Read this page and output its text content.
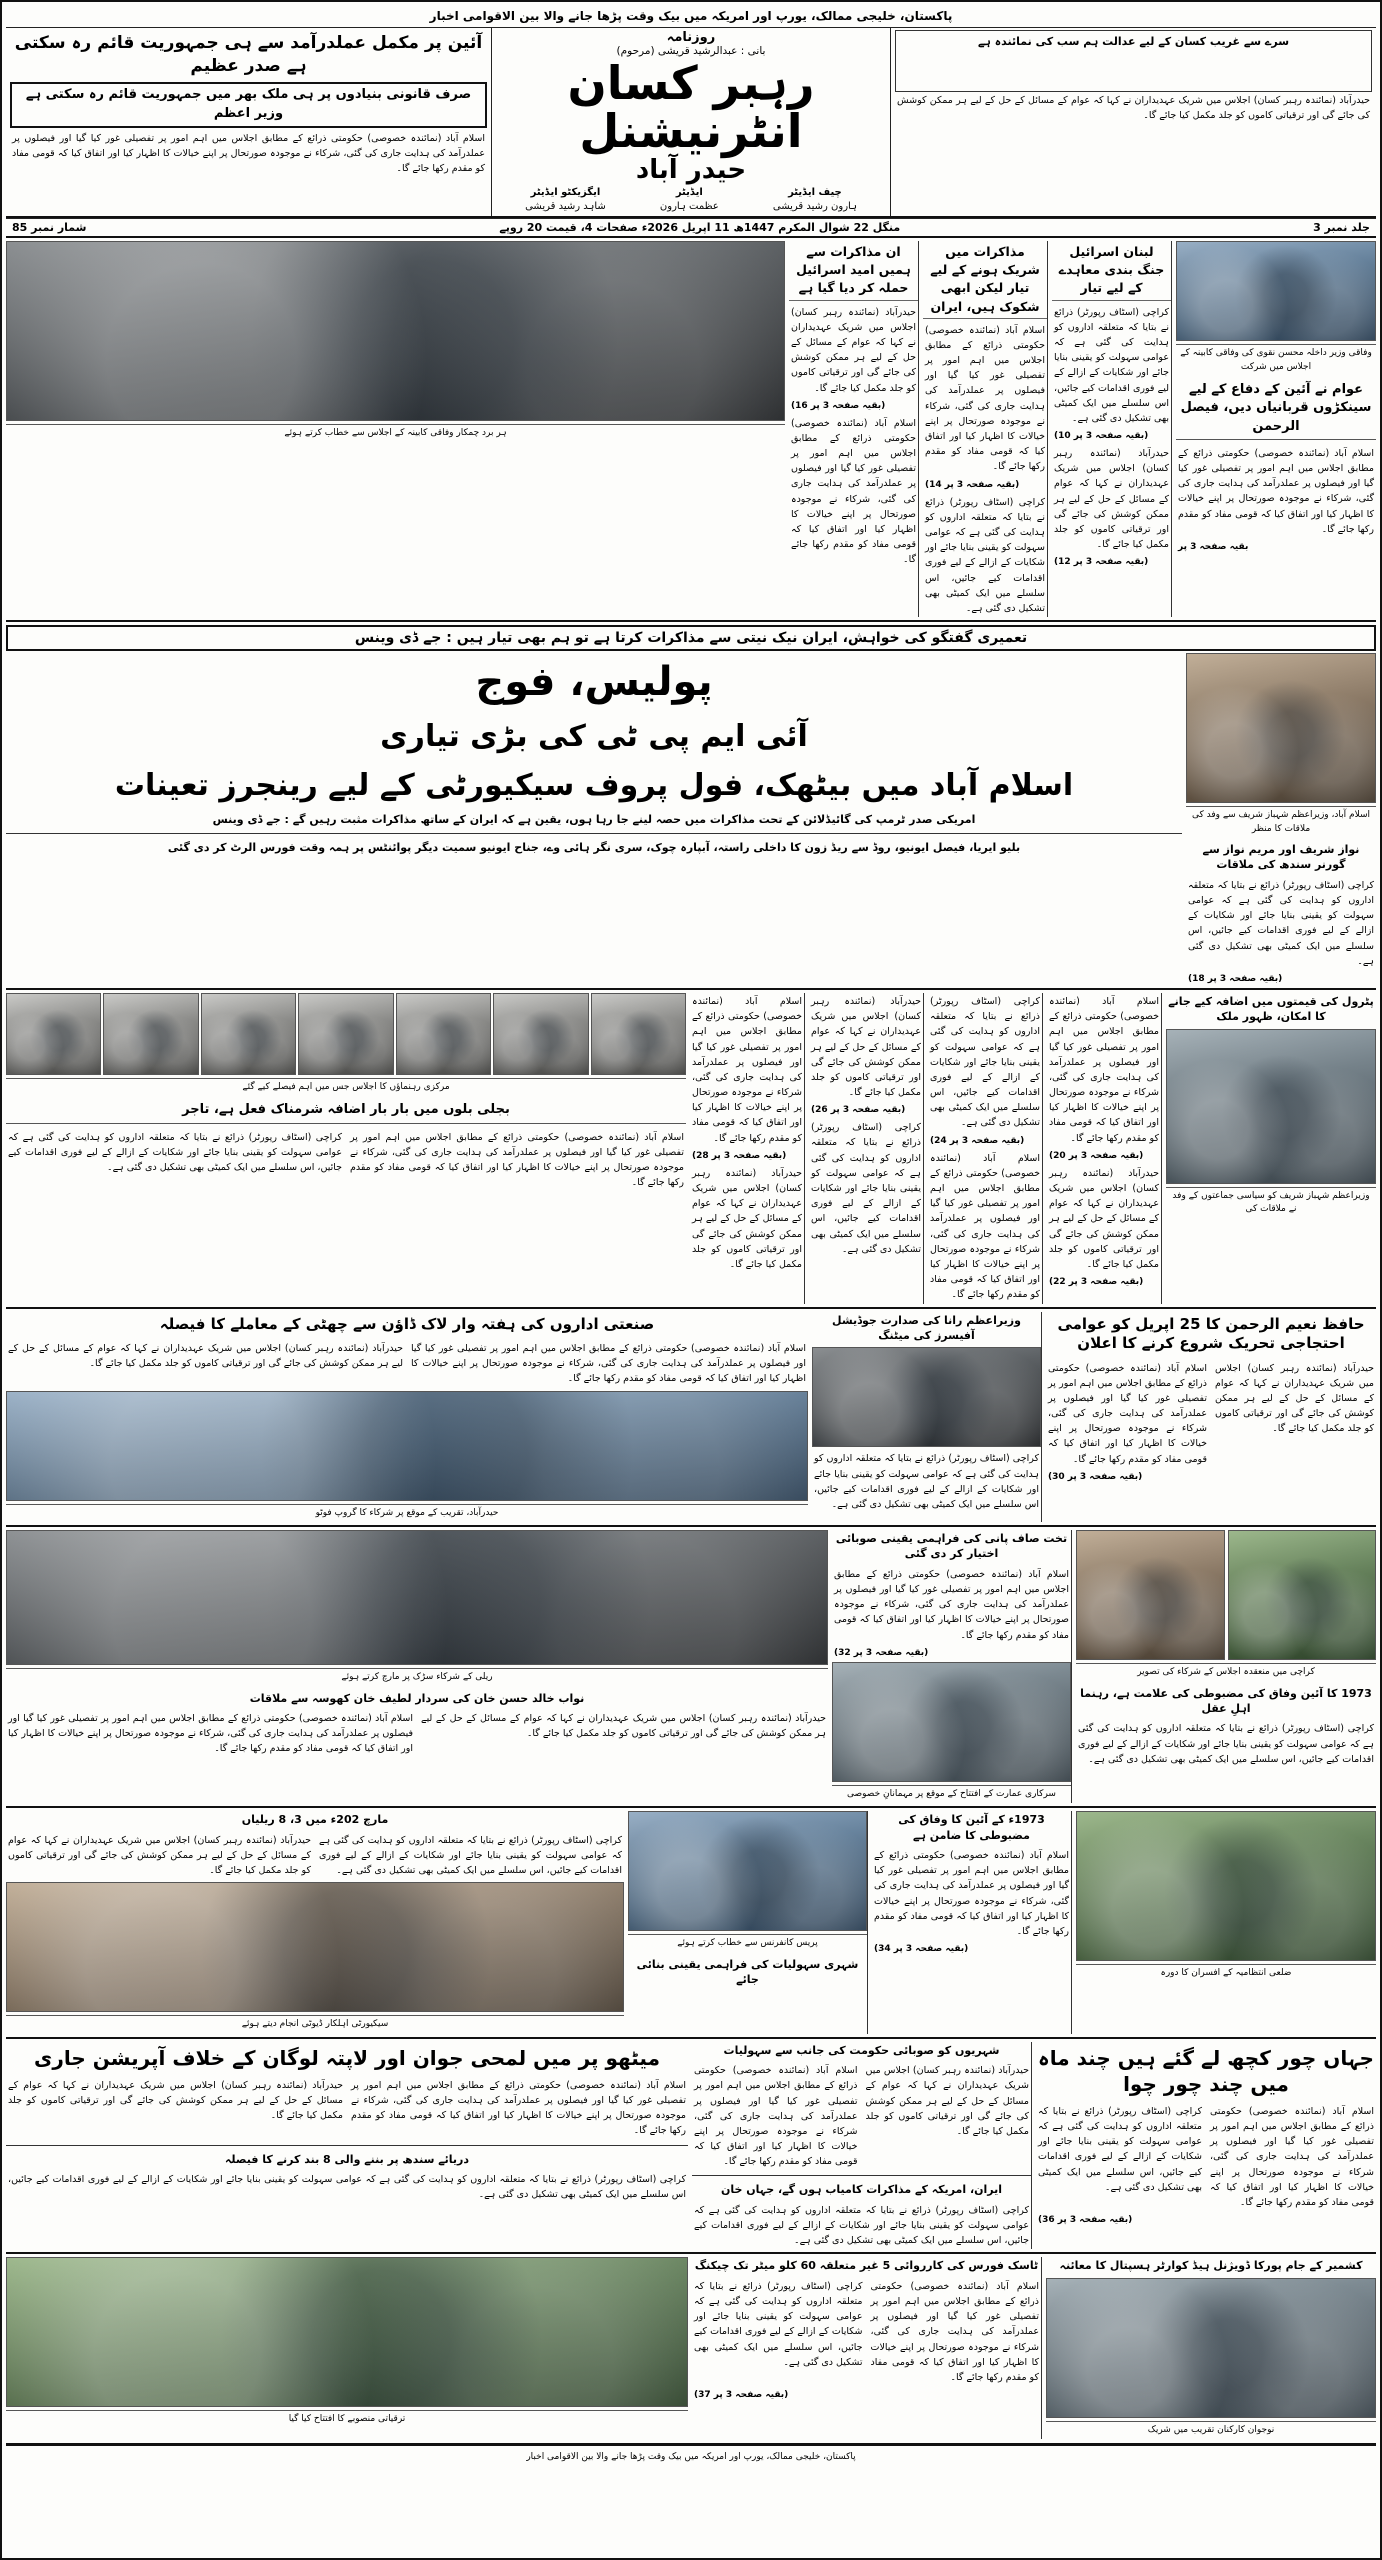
پاکستان، خلیجی ممالک، یورپ اور امریکہ میں بیک وقت پڑھا جانے والا بین الاقوامی اخبار
سرے سے غریب کسان کے لیے عدالت ہم سب کی نمائندہ ہے
حیدرآباد (نمائندہ رہبر کسان) اجلاس میں شریک عہدیداران نے کہا کہ عوام کے مسائل کے حل کے لیے ہر ممکن کوشش کی جائے گی اور ترقیاتی کاموں کو جلد مکمل کیا جائے گا۔
روزنامہ
بانی : عبدالرشید قریشی (مرحوم)
رہبر کسان انٹرنیشنل
حیدر آباد
چیف ایڈیٹر
ہارون رشید قریشی
ایڈیٹر
عظمت ہارون
ایگزیکٹو ایڈیٹر
شاہد رشید قریشی
آئین پر مکمل عملدرآمد سے ہی جمہوریت قائم رہ سکتی ہے صدر عظیم
صرف قانونی بنیادوں پر ہی ملک بھر میں جمہوریت قائم رہ سکتی ہے وزیر اعظم
اسلام آباد (نمائندہ خصوصی) حکومتی ذرائع کے مطابق اجلاس میں اہم امور پر تفصیلی غور کیا گیا اور فیصلوں پر عملدرآمد کی ہدایت جاری کی گئی، شرکاء نے موجودہ صورتحال پر اپنے خیالات کا اظہار کیا اور اتفاق کیا کہ قومی مفاد کو مقدم رکھا جائے گا۔
جلد نمبر 3
منگل 22 شوال المکرم 1447ھ 11 اپریل 2026ء صفحات 4، قیمت 20 روپے
شمار نمبر 85
وفاقی وزیر داخلہ محسن نقوی کی وفاقی کابینہ کے اجلاس میں شرکت
عوام نے آئین کے دفاع کے لیے سینکڑوں قربانیاں دیں، فیصل الرحمن
اسلام آباد (نمائندہ خصوصی) حکومتی ذرائع کے مطابق اجلاس میں اہم امور پر تفصیلی غور کیا گیا اور فیصلوں پر عملدرآمد کی ہدایت جاری کی گئی، شرکاء نے موجودہ صورتحال پر اپنے خیالات کا اظہار کیا اور اتفاق کیا کہ قومی مفاد کو مقدم رکھا جائے گا۔
بقیہ صفحہ 3 پر
لبنان اسرائیل جنگ بندی معاہدے کے لیے تیار
کراچی (اسٹاف رپورٹر) ذرائع نے بتایا کہ متعلقہ اداروں کو ہدایت کی گئی ہے کہ عوامی سہولت کو یقینی بنایا جائے اور شکایات کے ازالے کے لیے فوری اقدامات کیے جائیں، اس سلسلے میں ایک کمیٹی بھی تشکیل دی گئی ہے۔
(بقیہ صفحہ 3 پر 10)
حیدرآباد (نمائندہ رہبر کسان) اجلاس میں شریک عہدیداران نے کہا کہ عوام کے مسائل کے حل کے لیے ہر ممکن کوشش کی جائے گی اور ترقیاتی کاموں کو جلد مکمل کیا جائے گا۔
(بقیہ صفحہ 3 پر 12)
مذاکرات میں شریک ہونے کے لیے تیار لیکن ابھی شکوک ہیں، ایران
اسلام آباد (نمائندہ خصوصی) حکومتی ذرائع کے مطابق اجلاس میں اہم امور پر تفصیلی غور کیا گیا اور فیصلوں پر عملدرآمد کی ہدایت جاری کی گئی، شرکاء نے موجودہ صورتحال پر اپنے خیالات کا اظہار کیا اور اتفاق کیا کہ قومی مفاد کو مقدم رکھا جائے گا۔
(بقیہ صفحہ 3 پر 14)
کراچی (اسٹاف رپورٹر) ذرائع نے بتایا کہ متعلقہ اداروں کو ہدایت کی گئی ہے کہ عوامی سہولت کو یقینی بنایا جائے اور شکایات کے ازالے کے لیے فوری اقدامات کیے جائیں، اس سلسلے میں ایک کمیٹی بھی تشکیل دی گئی ہے۔
ان مذاکرات سے ہمیں امید اسرائیل حملہ کر دیا گیا ہے
حیدرآباد (نمائندہ رہبر کسان) اجلاس میں شریک عہدیداران نے کہا کہ عوام کے مسائل کے حل کے لیے ہر ممکن کوشش کی جائے گی اور ترقیاتی کاموں کو جلد مکمل کیا جائے گا۔
(بقیہ صفحہ 3 پر 16)
اسلام آباد (نمائندہ خصوصی) حکومتی ذرائع کے مطابق اجلاس میں اہم امور پر تفصیلی غور کیا گیا اور فیصلوں پر عملدرآمد کی ہدایت جاری کی گئی، شرکاء نے موجودہ صورتحال پر اپنے خیالات کا اظہار کیا اور اتفاق کیا کہ قومی مفاد کو مقدم رکھا جائے گا۔
ہر برد چمکار وفاقی کابینہ کے اجلاس سے خطاب کرتے ہوئے
تعمیری گفتگو کی خواہش، ایران نیک نیتی سے مذاکرات کرتا ہے تو ہم بھی تیار ہیں : جے ڈی وینس
اسلام آباد، وزیراعظم شہباز شریف سے وفد کی ملاقات کا منظر
نواز شریف اور مریم نواز سے گورنر سندھ کی ملاقات
کراچی (اسٹاف رپورٹر) ذرائع نے بتایا کہ متعلقہ اداروں کو ہدایت کی گئی ہے کہ عوامی سہولت کو یقینی بنایا جائے اور شکایات کے ازالے کے لیے فوری اقدامات کیے جائیں، اس سلسلے میں ایک کمیٹی بھی تشکیل دی گئی ہے۔
(بقیہ صفحہ 3 پر 18)
پولیس، فوج
آئی ایم پی ٹی کی بڑی تیاری
اسلام آباد میں بیٹھک، فول پروف سیکیورٹی کے لیے رینجرز تعینات
امریکی صدر ٹرمپ کی گائیڈلائن کے تحت مذاکرات میں حصہ لینے جا رہا ہوں، یقین ہے کہ ایران کے ساتھ مذاکرات مثبت رہیں گے : جے ڈی وینس
بلیو ایریا، فیصل ایونیو، روڈ سے ریڈ زون کا داخلی راستہ، آبپارہ چوک، سری نگر ہائی وے، جناح ایونیو سمیت دیگر پوائنٹس پر ہمہ وقت فورس الرٹ کر دی گئی
پٹرول کی قیمتوں میں اضافہ کیے جانے کا امکان، ظہور ملک
وزیراعظم شہباز شریف کو سیاسی جماعتوں کے وفد نے ملاقات کی
اسلام آباد (نمائندہ خصوصی) حکومتی ذرائع کے مطابق اجلاس میں اہم امور پر تفصیلی غور کیا گیا اور فیصلوں پر عملدرآمد کی ہدایت جاری کی گئی، شرکاء نے موجودہ صورتحال پر اپنے خیالات کا اظہار کیا اور اتفاق کیا کہ قومی مفاد کو مقدم رکھا جائے گا۔
(بقیہ صفحہ 3 پر 20)
حیدرآباد (نمائندہ رہبر کسان) اجلاس میں شریک عہدیداران نے کہا کہ عوام کے مسائل کے حل کے لیے ہر ممکن کوشش کی جائے گی اور ترقیاتی کاموں کو جلد مکمل کیا جائے گا۔
(بقیہ صفحہ 3 پر 22)
کراچی (اسٹاف رپورٹر) ذرائع نے بتایا کہ متعلقہ اداروں کو ہدایت کی گئی ہے کہ عوامی سہولت کو یقینی بنایا جائے اور شکایات کے ازالے کے لیے فوری اقدامات کیے جائیں، اس سلسلے میں ایک کمیٹی بھی تشکیل دی گئی ہے۔
(بقیہ صفحہ 3 پر 24)
اسلام آباد (نمائندہ خصوصی) حکومتی ذرائع کے مطابق اجلاس میں اہم امور پر تفصیلی غور کیا گیا اور فیصلوں پر عملدرآمد کی ہدایت جاری کی گئی، شرکاء نے موجودہ صورتحال پر اپنے خیالات کا اظہار کیا اور اتفاق کیا کہ قومی مفاد کو مقدم رکھا جائے گا۔
حیدرآباد (نمائندہ رہبر کسان) اجلاس میں شریک عہدیداران نے کہا کہ عوام کے مسائل کے حل کے لیے ہر ممکن کوشش کی جائے گی اور ترقیاتی کاموں کو جلد مکمل کیا جائے گا۔
(بقیہ صفحہ 3 پر 26)
کراچی (اسٹاف رپورٹر) ذرائع نے بتایا کہ متعلقہ اداروں کو ہدایت کی گئی ہے کہ عوامی سہولت کو یقینی بنایا جائے اور شکایات کے ازالے کے لیے فوری اقدامات کیے جائیں، اس سلسلے میں ایک کمیٹی بھی تشکیل دی گئی ہے۔
اسلام آباد (نمائندہ خصوصی) حکومتی ذرائع کے مطابق اجلاس میں اہم امور پر تفصیلی غور کیا گیا اور فیصلوں پر عملدرآمد کی ہدایت جاری کی گئی، شرکاء نے موجودہ صورتحال پر اپنے خیالات کا اظہار کیا اور اتفاق کیا کہ قومی مفاد کو مقدم رکھا جائے گا۔
(بقیہ صفحہ 3 پر 28)
حیدرآباد (نمائندہ رہبر کسان) اجلاس میں شریک عہدیداران نے کہا کہ عوام کے مسائل کے حل کے لیے ہر ممکن کوشش کی جائے گی اور ترقیاتی کاموں کو جلد مکمل کیا جائے گا۔
مرکزی رہنماؤں کا اجلاس جس میں اہم فیصلے کیے گئے
بجلی بلوں میں بار بار اضافہ شرمناک فعل ہے، تاجر
اسلام آباد (نمائندہ خصوصی) حکومتی ذرائع کے مطابق اجلاس میں اہم امور پر تفصیلی غور کیا گیا اور فیصلوں پر عملدرآمد کی ہدایت جاری کی گئی، شرکاء نے موجودہ صورتحال پر اپنے خیالات کا اظہار کیا اور اتفاق کیا کہ قومی مفاد کو مقدم رکھا جائے گا۔
کراچی (اسٹاف رپورٹر) ذرائع نے بتایا کہ متعلقہ اداروں کو ہدایت کی گئی ہے کہ عوامی سہولت کو یقینی بنایا جائے اور شکایات کے ازالے کے لیے فوری اقدامات کیے جائیں، اس سلسلے میں ایک کمیٹی بھی تشکیل دی گئی ہے۔
حافظ نعیم الرحمن کا 25 اپریل کو عوامی احتجاجی تحریک شروع کرنے کا اعلان
حیدرآباد (نمائندہ رہبر کسان) اجلاس میں شریک عہدیداران نے کہا کہ عوام کے مسائل کے حل کے لیے ہر ممکن کوشش کی جائے گی اور ترقیاتی کاموں کو جلد مکمل کیا جائے گا۔
اسلام آباد (نمائندہ خصوصی) حکومتی ذرائع کے مطابق اجلاس میں اہم امور پر تفصیلی غور کیا گیا اور فیصلوں پر عملدرآمد کی ہدایت جاری کی گئی، شرکاء نے موجودہ صورتحال پر اپنے خیالات کا اظہار کیا اور اتفاق کیا کہ قومی مفاد کو مقدم رکھا جائے گا۔
(بقیہ صفحہ 3 پر 30)
وزیراعظم رانا کی صدارت جوڈیشل آفیسرز کی میٹنگ
کراچی (اسٹاف رپورٹر) ذرائع نے بتایا کہ متعلقہ اداروں کو ہدایت کی گئی ہے کہ عوامی سہولت کو یقینی بنایا جائے اور شکایات کے ازالے کے لیے فوری اقدامات کیے جائیں، اس سلسلے میں ایک کمیٹی بھی تشکیل دی گئی ہے۔
صنعتی اداروں کی ہفتہ وار لاک ڈاؤن سے چھٹی کے معاملے کا فیصلہ
اسلام آباد (نمائندہ خصوصی) حکومتی ذرائع کے مطابق اجلاس میں اہم امور پر تفصیلی غور کیا گیا اور فیصلوں پر عملدرآمد کی ہدایت جاری کی گئی، شرکاء نے موجودہ صورتحال پر اپنے خیالات کا اظہار کیا اور اتفاق کیا کہ قومی مفاد کو مقدم رکھا جائے گا۔
حیدرآباد (نمائندہ رہبر کسان) اجلاس میں شریک عہدیداران نے کہا کہ عوام کے مسائل کے حل کے لیے ہر ممکن کوشش کی جائے گی اور ترقیاتی کاموں کو جلد مکمل کیا جائے گا۔
حیدرآباد، تقریب کے موقع پر شرکاء کا گروپ فوٹو
کراچی میں منعقدہ اجلاس کے شرکاء کی تصویر
1973 کا آئین وفاق کی مضبوطی کی علامت ہے، رہنما اہلِ عقل
کراچی (اسٹاف رپورٹر) ذرائع نے بتایا کہ متعلقہ اداروں کو ہدایت کی گئی ہے کہ عوامی سہولت کو یقینی بنایا جائے اور شکایات کے ازالے کے لیے فوری اقدامات کیے جائیں، اس سلسلے میں ایک کمیٹی بھی تشکیل دی گئی ہے۔
تخت صاف پانی کی فراہمی یقینی صوبائی اختیار کر دی گئی
اسلام آباد (نمائندہ خصوصی) حکومتی ذرائع کے مطابق اجلاس میں اہم امور پر تفصیلی غور کیا گیا اور فیصلوں پر عملدرآمد کی ہدایت جاری کی گئی، شرکاء نے موجودہ صورتحال پر اپنے خیالات کا اظہار کیا اور اتفاق کیا کہ قومی مفاد کو مقدم رکھا جائے گا۔
(بقیہ صفحہ 3 پر 32)
سرکاری عمارت کے افتتاح کے موقع پر مہمانانِ خصوصی
ریلی کے شرکاء سڑک پر مارچ کرتے ہوئے
نواب خالد حسن خان کی سردار لطیف خان کھوسہ سے ملاقات
حیدرآباد (نمائندہ رہبر کسان) اجلاس میں شریک عہدیداران نے کہا کہ عوام کے مسائل کے حل کے لیے ہر ممکن کوشش کی جائے گی اور ترقیاتی کاموں کو جلد مکمل کیا جائے گا۔
اسلام آباد (نمائندہ خصوصی) حکومتی ذرائع کے مطابق اجلاس میں اہم امور پر تفصیلی غور کیا گیا اور فیصلوں پر عملدرآمد کی ہدایت جاری کی گئی، شرکاء نے موجودہ صورتحال پر اپنے خیالات کا اظہار کیا اور اتفاق کیا کہ قومی مفاد کو مقدم رکھا جائے گا۔
ضلعی انتظامیہ کے افسران کا دورہ
1973ء کے آئین کا وفاق کی مضبوطی کا ضامن ہے
اسلام آباد (نمائندہ خصوصی) حکومتی ذرائع کے مطابق اجلاس میں اہم امور پر تفصیلی غور کیا گیا اور فیصلوں پر عملدرآمد کی ہدایت جاری کی گئی، شرکاء نے موجودہ صورتحال پر اپنے خیالات کا اظہار کیا اور اتفاق کیا کہ قومی مفاد کو مقدم رکھا جائے گا۔
(بقیہ صفحہ 3 پر 34)
پریس کانفرنس سے خطاب کرتے ہوئے
شہری سہولیات کی فراہمی یقینی بنائی جائے
مارچ 202ء میں 3، 8 ریلیاں
کراچی (اسٹاف رپورٹر) ذرائع نے بتایا کہ متعلقہ اداروں کو ہدایت کی گئی ہے کہ عوامی سہولت کو یقینی بنایا جائے اور شکایات کے ازالے کے لیے فوری اقدامات کیے جائیں، اس سلسلے میں ایک کمیٹی بھی تشکیل دی گئی ہے۔
حیدرآباد (نمائندہ رہبر کسان) اجلاس میں شریک عہدیداران نے کہا کہ عوام کے مسائل کے حل کے لیے ہر ممکن کوشش کی جائے گی اور ترقیاتی کاموں کو جلد مکمل کیا جائے گا۔
سیکیورٹی اہلکار ڈیوٹی انجام دیتے ہوئے
جہاں چور کچھ لے گئے ہیں چند ماہ میں چند چور چوا
اسلام آباد (نمائندہ خصوصی) حکومتی ذرائع کے مطابق اجلاس میں اہم امور پر تفصیلی غور کیا گیا اور فیصلوں پر عملدرآمد کی ہدایت جاری کی گئی، شرکاء نے موجودہ صورتحال پر اپنے خیالات کا اظہار کیا اور اتفاق کیا کہ قومی مفاد کو مقدم رکھا جائے گا۔
کراچی (اسٹاف رپورٹر) ذرائع نے بتایا کہ متعلقہ اداروں کو ہدایت کی گئی ہے کہ عوامی سہولت کو یقینی بنایا جائے اور شکایات کے ازالے کے لیے فوری اقدامات کیے جائیں، اس سلسلے میں ایک کمیٹی بھی تشکیل دی گئی ہے۔
(بقیہ صفحہ 3 پر 36)
شہریوں کو صوبائی حکومت کی جانب سے سہولیات
حیدرآباد (نمائندہ رہبر کسان) اجلاس میں شریک عہدیداران نے کہا کہ عوام کے مسائل کے حل کے لیے ہر ممکن کوشش کی جائے گی اور ترقیاتی کاموں کو جلد مکمل کیا جائے گا۔
اسلام آباد (نمائندہ خصوصی) حکومتی ذرائع کے مطابق اجلاس میں اہم امور پر تفصیلی غور کیا گیا اور فیصلوں پر عملدرآمد کی ہدایت جاری کی گئی، شرکاء نے موجودہ صورتحال پر اپنے خیالات کا اظہار کیا اور اتفاق کیا کہ قومی مفاد کو مقدم رکھا جائے گا۔
ایران، امریکہ کے مذاکرات کامیاب ہوں گے، جہاں خان
کراچی (اسٹاف رپورٹر) ذرائع نے بتایا کہ متعلقہ اداروں کو ہدایت کی گئی ہے کہ عوامی سہولت کو یقینی بنایا جائے اور شکایات کے ازالے کے لیے فوری اقدامات کیے جائیں، اس سلسلے میں ایک کمیٹی بھی تشکیل دی گئی ہے۔
میٹھو پر میں لمحی جوان اور لاپتہ لوگان کے خلاف آپریشن جاری
اسلام آباد (نمائندہ خصوصی) حکومتی ذرائع کے مطابق اجلاس میں اہم امور پر تفصیلی غور کیا گیا اور فیصلوں پر عملدرآمد کی ہدایت جاری کی گئی، شرکاء نے موجودہ صورتحال پر اپنے خیالات کا اظہار کیا اور اتفاق کیا کہ قومی مفاد کو مقدم رکھا جائے گا۔
حیدرآباد (نمائندہ رہبر کسان) اجلاس میں شریک عہدیداران نے کہا کہ عوام کے مسائل کے حل کے لیے ہر ممکن کوشش کی جائے گی اور ترقیاتی کاموں کو جلد مکمل کیا جائے گا۔
دریائے سندھ پر بننے والی 8 بند کرنے کا فیصلہ
کراچی (اسٹاف رپورٹر) ذرائع نے بتایا کہ متعلقہ اداروں کو ہدایت کی گئی ہے کہ عوامی سہولت کو یقینی بنایا جائے اور شکایات کے ازالے کے لیے فوری اقدامات کیے جائیں، اس سلسلے میں ایک کمیٹی بھی تشکیل دی گئی ہے۔
کشمیر کے جام پورکا ڈویژنل ہیڈ کوارٹر ہسپتال کا معائنہ
نوجوان کارکنان تقریب میں شریک
ٹاسک فورس کی کارروائی 5 غیر متعلقہ 60 کلو میٹر تک چیکنگ
اسلام آباد (نمائندہ خصوصی) حکومتی ذرائع کے مطابق اجلاس میں اہم امور پر تفصیلی غور کیا گیا اور فیصلوں پر عملدرآمد کی ہدایت جاری کی گئی، شرکاء نے موجودہ صورتحال پر اپنے خیالات کا اظہار کیا اور اتفاق کیا کہ قومی مفاد کو مقدم رکھا جائے گا۔
کراچی (اسٹاف رپورٹر) ذرائع نے بتایا کہ متعلقہ اداروں کو ہدایت کی گئی ہے کہ عوامی سہولت کو یقینی بنایا جائے اور شکایات کے ازالے کے لیے فوری اقدامات کیے جائیں، اس سلسلے میں ایک کمیٹی بھی تشکیل دی گئی ہے۔
(بقیہ صفحہ 3 پر 37)
ترقیاتی منصوبے کا افتتاح کیا گیا
پاکستان، خلیجی ممالک، یورپ اور امریکہ میں بیک وقت پڑھا جانے والا بین الاقوامی اخبار
